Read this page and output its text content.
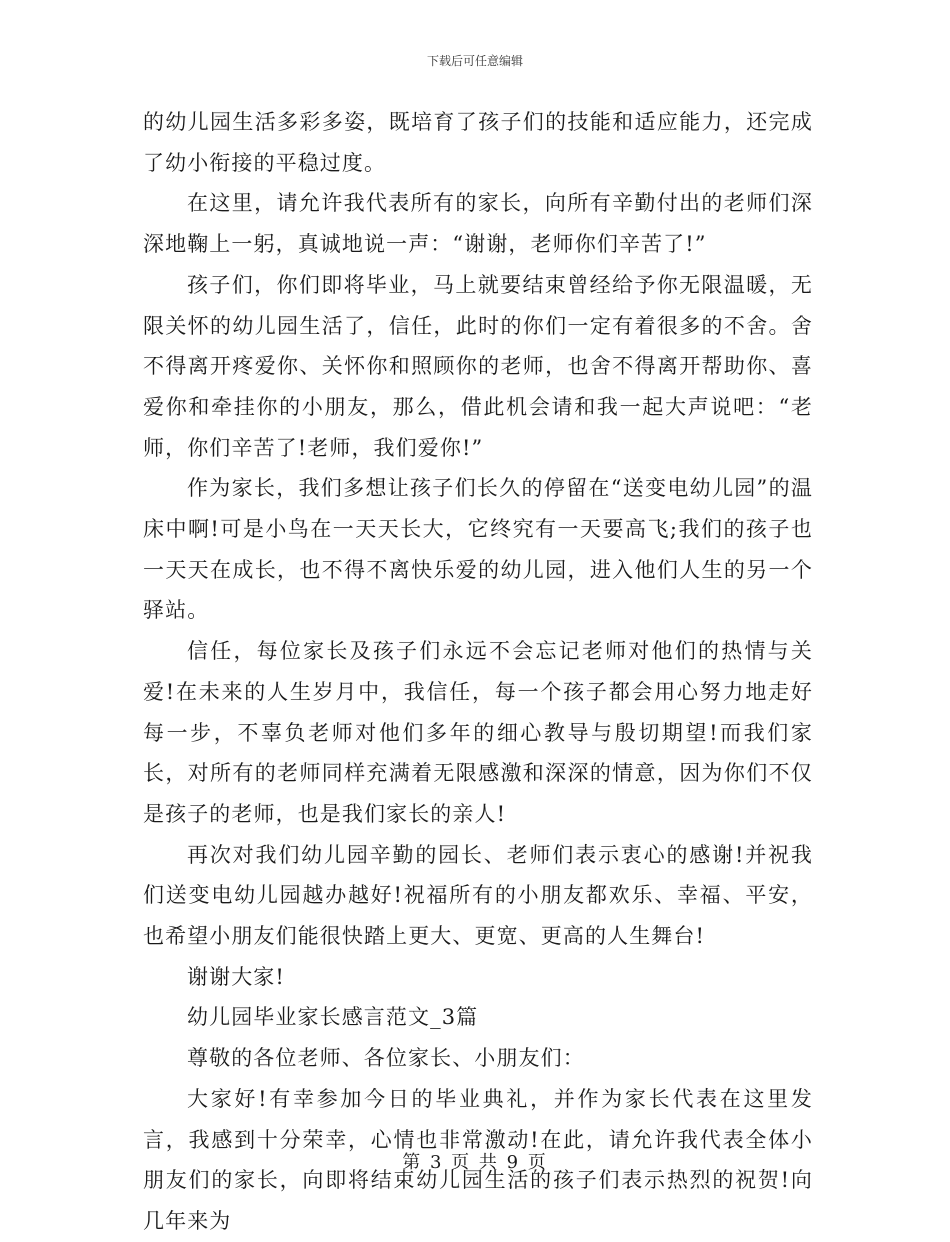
下载后可任意编辑

的幼儿园生活多彩多姿，既培育了孩子们的技能和适应能力，还完成了幼小衔接的平稳过度。

在这里，请允许我代表所有的家长，向所有辛勤付出的老师们深深地鞠上一躬，真诚地说一声：“谢谢，老师你们辛苦了!”

孩子们，你们即将毕业，马上就要结束曾经给予你无限温暖，无限关怀的幼儿园生活了，信任，此时的你们一定有着很多的不舍。舍不得离开疼爱你、关怀你和照顾你的老师，也舍不得离开帮助你、喜爱你和牵挂你的小朋友，那么，借此机会请和我一起大声说吧：“老师，你们辛苦了!老师，我们爱你!”

作为家长，我们多想让孩子们长久的停留在“送变电幼儿园”的温床中啊!可是小鸟在一天天长大，它终究有一天要高飞;我们的孩子也一天天在成长，也不得不离快乐爱的幼儿园，进入他们人生的另一个驿站。

信任，每位家长及孩子们永远不会忘记老师对他们的热情与关爱!在未来的人生岁月中，我信任，每一个孩子都会用心努力地走好每一步，不辜负老师对他们多年的细心教导与殷切期望!而我们家长，对所有的老师同样充满着无限感激和深深的情意，因为你们不仅是孩子的老师，也是我们家长的亲人!

再次对我们幼儿园辛勤的园长、老师们表示衷心的感谢!并祝我们送变电幼儿园越办越好!祝福所有的小朋友都欢乐、幸福、平安，也希望小朋友们能很快踏上更大、更宽、更高的人生舞台!

谢谢大家!

幼儿园毕业家长感言范文_3篇

尊敬的各位老师、各位家长、小朋友们：

大家好!有幸参加今日的毕业典礼，并作为家长代表在这里发言，我感到十分荣幸，心情也非常激动!在此，请允许我代表全体小朋友们的家长，向即将结束幼儿园生活的孩子们表示热烈的祝贺!向几年来为

第 3 页 共 9 页
